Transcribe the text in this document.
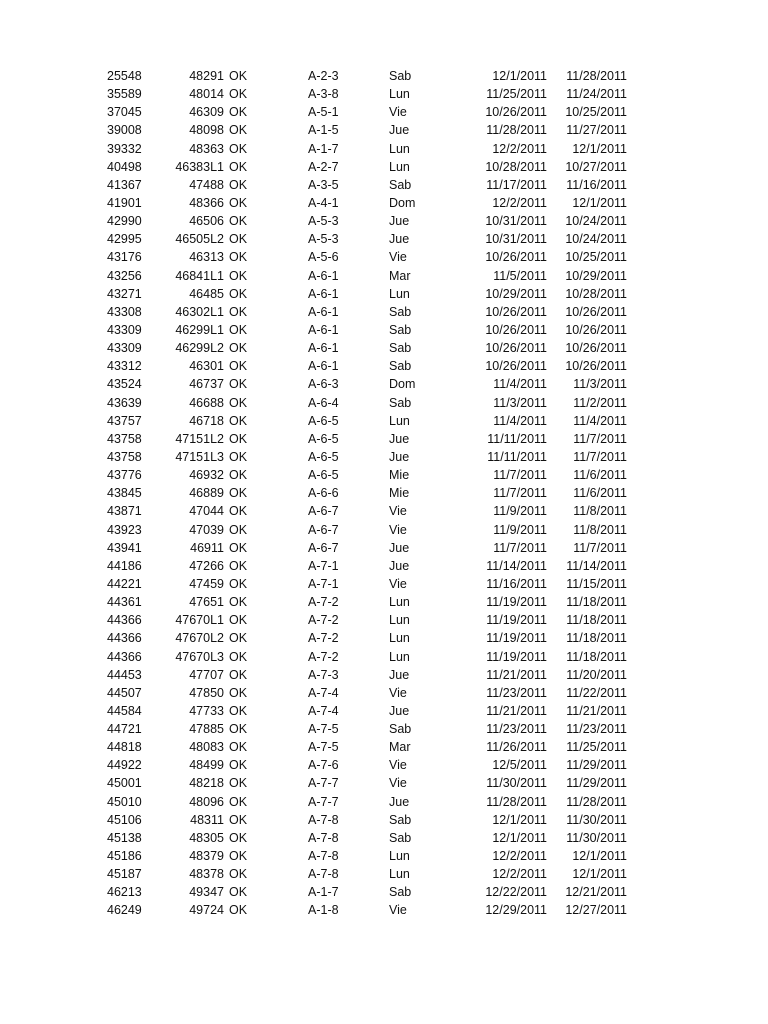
25548	48291 OK	A-2-3	Sab	12/1/2011	11/28/2011
35589	48014 OK	A-3-8	Lun	11/25/2011	11/24/2011
37045	46309 OK	A-5-1	Vie	10/26/2011	10/25/2011
39008	48098 OK	A-1-5	Jue	11/28/2011	11/27/2011
39332	48363 OK	A-1-7	Lun	12/2/2011	12/1/2011
40498	46383L1 OK	A-2-7	Lun	10/28/2011	10/27/2011
41367	47488 OK	A-3-5	Sab	11/17/2011	11/16/2011
41901	48366 OK	A-4-1	Dom	12/2/2011	12/1/2011
42990	46506 OK	A-5-3	Jue	10/31/2011	10/24/2011
42995	46505L2 OK	A-5-3	Jue	10/31/2011	10/24/2011
43176	46313 OK	A-5-6	Vie	10/26/2011	10/25/2011
43256	46841L1 OK	A-6-1	Mar	11/5/2011	10/29/2011
43271	46485 OK	A-6-1	Lun	10/29/2011	10/28/2011
43308	46302L1 OK	A-6-1	Sab	10/26/2011	10/26/2011
43309	46299L1 OK	A-6-1	Sab	10/26/2011	10/26/2011
43309	46299L2 OK	A-6-1	Sab	10/26/2011	10/26/2011
43312	46301 OK	A-6-1	Sab	10/26/2011	10/26/2011
43524	46737 OK	A-6-3	Dom	11/4/2011	11/3/2011
43639	46688 OK	A-6-4	Sab	11/3/2011	11/2/2011
43757	46718 OK	A-6-5	Lun	11/4/2011	11/4/2011
43758	47151L2 OK	A-6-5	Jue	11/11/2011	11/7/2011
43758	47151L3 OK	A-6-5	Jue	11/11/2011	11/7/2011
43776	46932 OK	A-6-5	Mie	11/7/2011	11/6/2011
43845	46889 OK	A-6-6	Mie	11/7/2011	11/6/2011
43871	47044 OK	A-6-7	Vie	11/9/2011	11/8/2011
43923	47039 OK	A-6-7	Vie	11/9/2011	11/8/2011
43941	46911 OK	A-6-7	Jue	11/7/2011	11/7/2011
44186	47266 OK	A-7-1	Jue	11/14/2011	11/14/2011
44221	47459 OK	A-7-1	Vie	11/16/2011	11/15/2011
44361	47651 OK	A-7-2	Lun	11/19/2011	11/18/2011
44366	47670L1 OK	A-7-2	Lun	11/19/2011	11/18/2011
44366	47670L2 OK	A-7-2	Lun	11/19/2011	11/18/2011
44366	47670L3 OK	A-7-2	Lun	11/19/2011	11/18/2011
44453	47707 OK	A-7-3	Jue	11/21/2011	11/20/2011
44507	47850 OK	A-7-4	Vie	11/23/2011	11/22/2011
44584	47733 OK	A-7-4	Jue	11/21/2011	11/21/2011
44721	47885 OK	A-7-5	Sab	11/23/2011	11/23/2011
44818	48083 OK	A-7-5	Mar	11/26/2011	11/25/2011
44922	48499 OK	A-7-6	Vie	12/5/2011	11/29/2011
45001	48218 OK	A-7-7	Vie	11/30/2011	11/29/2011
45010	48096 OK	A-7-7	Jue	11/28/2011	11/28/2011
45106	48311 OK	A-7-8	Sab	12/1/2011	11/30/2011
45138	48305 OK	A-7-8	Sab	12/1/2011	11/30/2011
45186	48379 OK	A-7-8	Lun	12/2/2011	12/1/2011
45187	48378 OK	A-7-8	Lun	12/2/2011	12/1/2011
46213	49347 OK	A-1-7	Sab	12/22/2011	12/21/2011
46249	49724 OK	A-1-8	Vie	12/29/2011	12/27/2011
